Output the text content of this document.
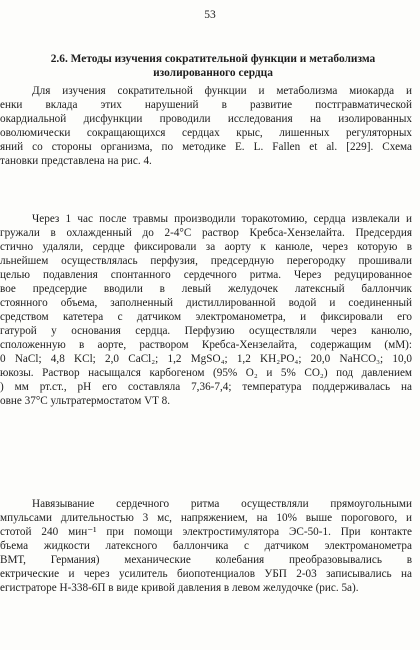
53
2.6. Методы изучения сократительной функции и метаболизма
изолированного сердца
Для изучения сократительной функции и метаболизма миокарда и
енки вклада этих нарушений в развитие постгравматической
окардиальной дисфункции проводили исследования на изолированных
оволюмически сокращающихся сердцах крыс, лишенных регуляторных
яний со стороны организма, по методике E. L. Fallen et al. [229]. Схема
тановки представлена на рис. 4.
Через 1 час после травмы производили торакотомию, сердца извлекали и
гружали в охлажденный до 2-4°С раствор Кребса-Хензелайта. Предсердия
стично удаляли, сердце фиксировали за аорту к канюле, через которую в
льнейшем осуществлялась перфузия, предсердную перегородку прошивали
целью подавления спонтанного сердечного ритма. Через редуцированное
вое предсердие вводили в левый желудочек латексный баллончик
стоянного объема, заполненный дистиллированной водой и соединенный
средством катетера с датчиком электроманометра, и фиксировали его
гатурой у основания сердца. Перфузию осуществляли через канюлю,
сположенную в аорте, раствором Кребса-Хензелайта, содержащим (мМ):
0 NaCl; 4,8 KCl; 2,0 CaCl₂; 1,2 MgSO₄; 1,2 KH₂PO₄; 20,0 NaHCO₃; 10,0
юкозы. Раствор насыщался карбогеном (95% O₂ и 5% CO₂) под давлением
) мм рт.ст., pH его составляла 7,36-7,4; температура поддерживалась на
овне 37°С ультратермостатом VT 8.
Навязывание сердечного ритма осуществляли прямоугольными
мпульсами длительностью 3 мс, напряжением, на 10% выше порогового, и
стотой 240 мин⁻¹ при помощи электростимулятора ЭС-50-1. При контакте
бъема жидкости латексного баллончика с датчиком электроманометра
ВМТ, Германия) механические колебания преобразовывались в
ектрические и через усилитель биопотенциалов УБП 2-03 записывались на
егистраторе Н-338-6П в виде кривой давления в левом желудочке (рис. 5а).
